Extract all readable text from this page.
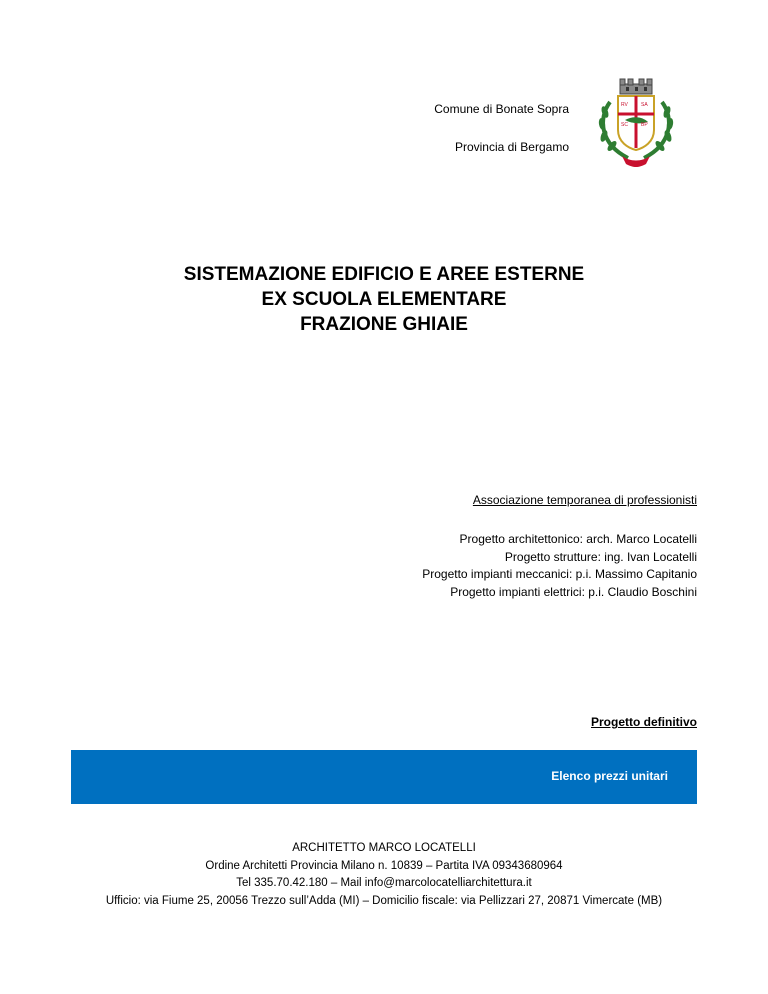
Comune di Bonate Sopra
Provincia di Bergamo
RV	SA
SC	BP
SISTEMAZIONE EDIFICIO E AREE ESTERNE
EX SCUOLA ELEMENTARE
FRAZIONE GHIAIE
Associazione temporanea di professionisti
Progetto architettonico: arch. Marco Locatelli
Progetto strutture: ing. Ivan Locatelli
Progetto impianti meccanici: p.i. Massimo Capitanio
Progetto impianti elettrici: p.i. Claudio Boschini
Progetto definitivo
Elenco prezzi unitari
ARCHITETTO MARCO LOCATELLI
Ordine Architetti Provincia Milano n. 10839 – Partita IVA 09343680964
Tel 335.70.42.180 – Mail info@marcolocatelliarchitettura.it
Ufficio: via Fiume 25, 20056 Trezzo sull’Adda (MI) – Domicilio fiscale: via Pellizzari 27, 20871 Vimercate (MB)
